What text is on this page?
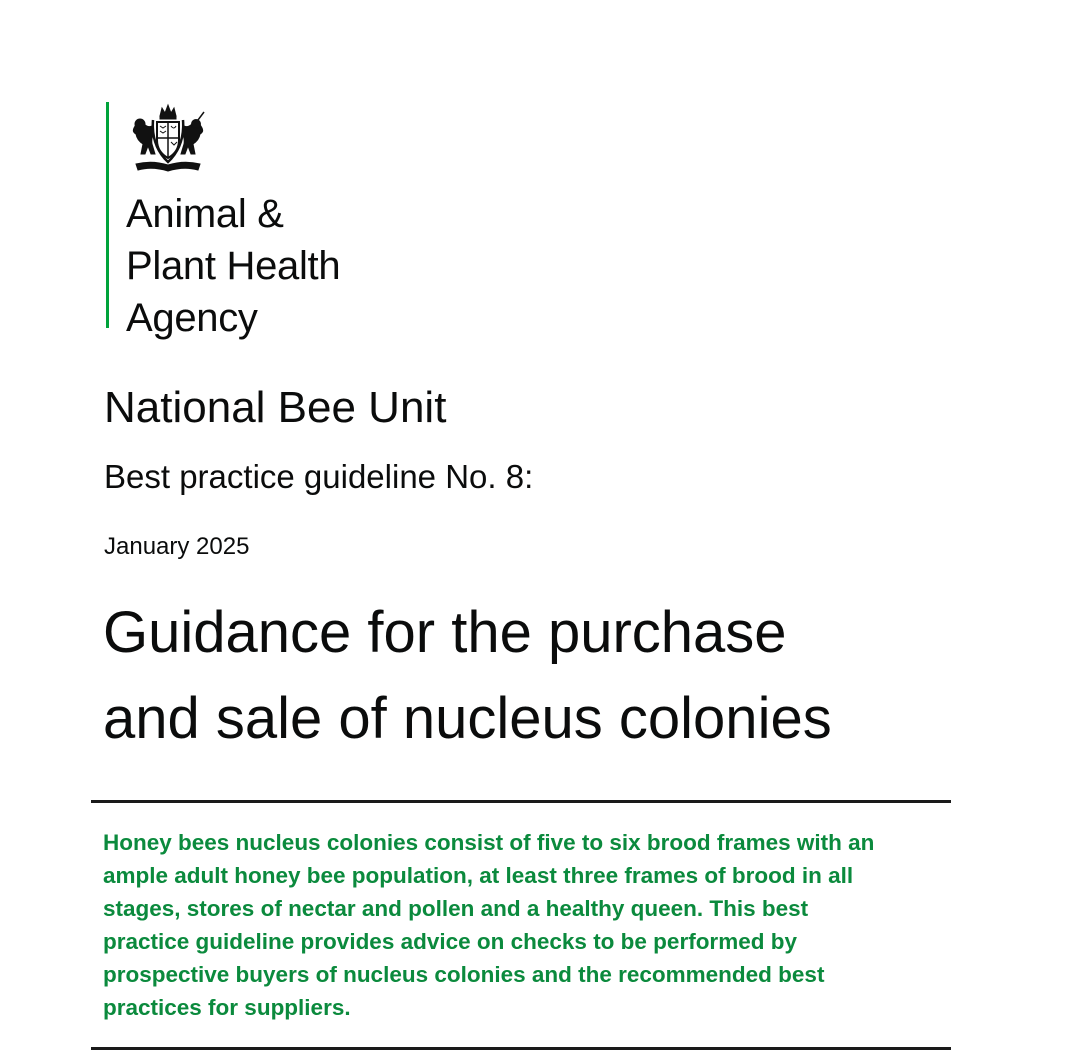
Animal &
Plant Health
Agency
National Bee Unit
Best practice guideline No. 8:
January 2025
Guidance for the purchase
and sale of nucleus colonies

Honey bees nucleus colonies consist of five to six brood frames with an
ample adult honey bee population, at least three frames of brood in all
stages, stores of nectar and pollen and a healthy queen. This best
practice guideline provides advice on checks to be performed by
prospective buyers of nucleus colonies and the recommended best
practices for suppliers.
